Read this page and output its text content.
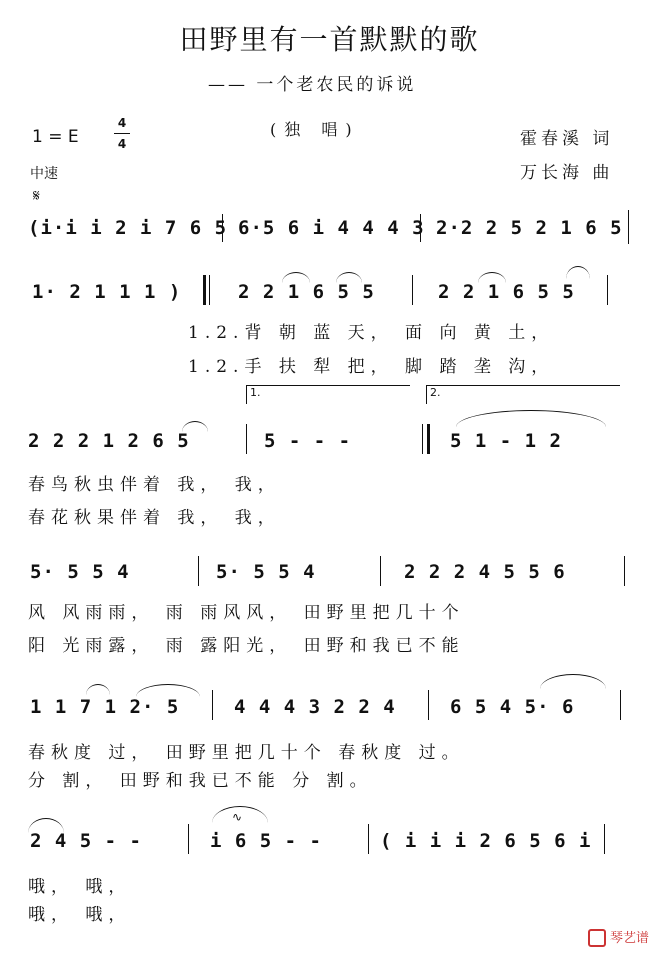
田野里有一首默默的歌
—— 一个老农民的诉说
(独 唱)
1 = E
4
4	霍春溪 词
万长海 曲
中速
𝄋
(i·i i 2 i 7 6 5 6·5 6 i 4 4 4 3 2·2 2 5 2 1 6 5
1· 2 1 1 1 )	2 2 1 6 5 5	2 2 1 6 5 5
1.2.背 朝 蓝 天， 面 向 黄 土，
1.2.手 扶 犁 把， 脚 踏 垄 沟，
1.	2.
2 2 2 1 2 6 5	5 - - -	5 1 - 1 2
春鸟秋虫伴着 我， 我，
春花秋果伴着 我， 我，
5· 5 5 4	5· 5 5 4	2 2 2 4 5 5 6
风 风雨雨， 雨 雨风风， 田野里把几十个
阳 光雨露， 雨 露阳光， 田野和我已不能
1 1 7 1 2· 5	4 4 4 3 2 2 4	6 5 4 5· 6
春秋度 过， 田野里把几十个 春秋度 过。
分 割， 田野和我已不能 分 割。
2 4 5 - -	i 6 5 - -	( i i i 2 6 5 6 i
∿
哦， 哦，
哦， 哦，
琴艺谱
